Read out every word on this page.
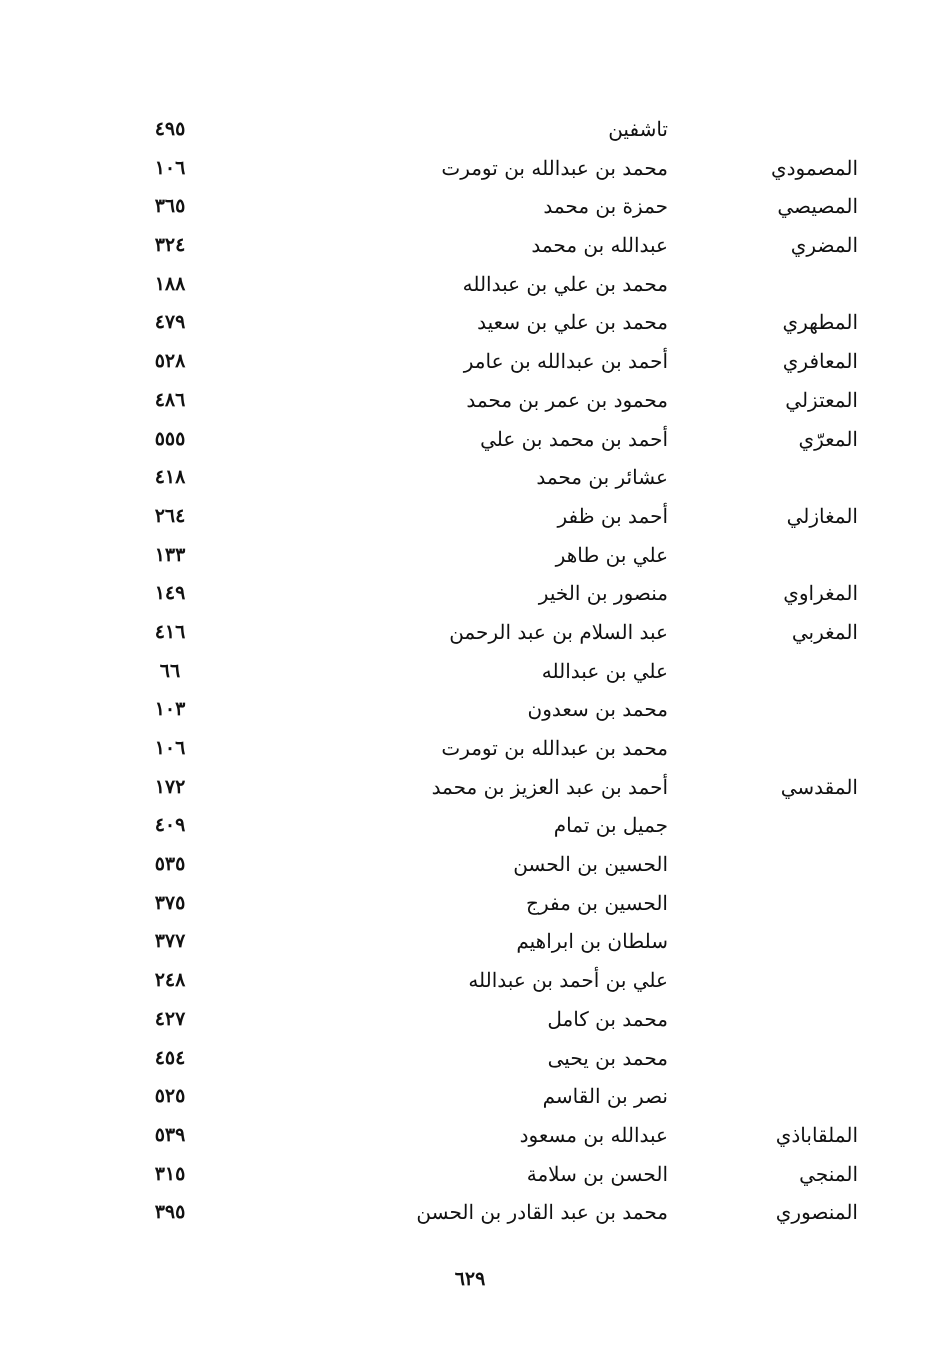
تاشفين
٤٩٥
المصمودي
محمد بن عبدالله بن تومرت
١٠٦
المصيصي
حمزة بن محمد
٣٦٥
المضري
عبدالله بن محمد
٣٢٤
محمد بن علي بن عبدالله
١٨٨
المطهري
محمد بن علي بن سعيد
٤٧٩
المعافري
أحمد بن عبدالله بن عامر
٥٢٨
المعتزلي
محمود بن عمر بن محمد
٤٨٦
المعرّي
أحمد بن محمد بن علي
٥٥٥
عشائر بن محمد
٤١٨
المغازلي
أحمد بن ظفر
٢٦٤
علي بن طاهر
١٣٣
المغراوي
منصور بن الخير
١٤٩
المغربي
عبد السلام بن عبد الرحمن
٤١٦
علي بن عبدالله
٦٦
محمد بن سعدون
١٠٣
محمد بن عبدالله بن تومرت
١٠٦
المقدسي
أحمد بن عبد العزيز بن محمد
١٧٢
جميل بن تمام
٤٠٩
الحسين بن الحسن
٥٣٥
الحسين بن مفرج
٣٧٥
سلطان بن ابراهيم
٣٧٧
علي بن أحمد بن عبدالله
٢٤٨
محمد بن كامل
٤٢٧
محمد بن يحيى
٤٥٤
نصر بن القاسم
٥٢٥
الملقاباذي
عبدالله بن مسعود
٥٣٩
المنجي
الحسن بن سلامة
٣١٥
المنصوري
محمد بن عبد القادر بن الحسن
٣٩٥
٦٢٩
